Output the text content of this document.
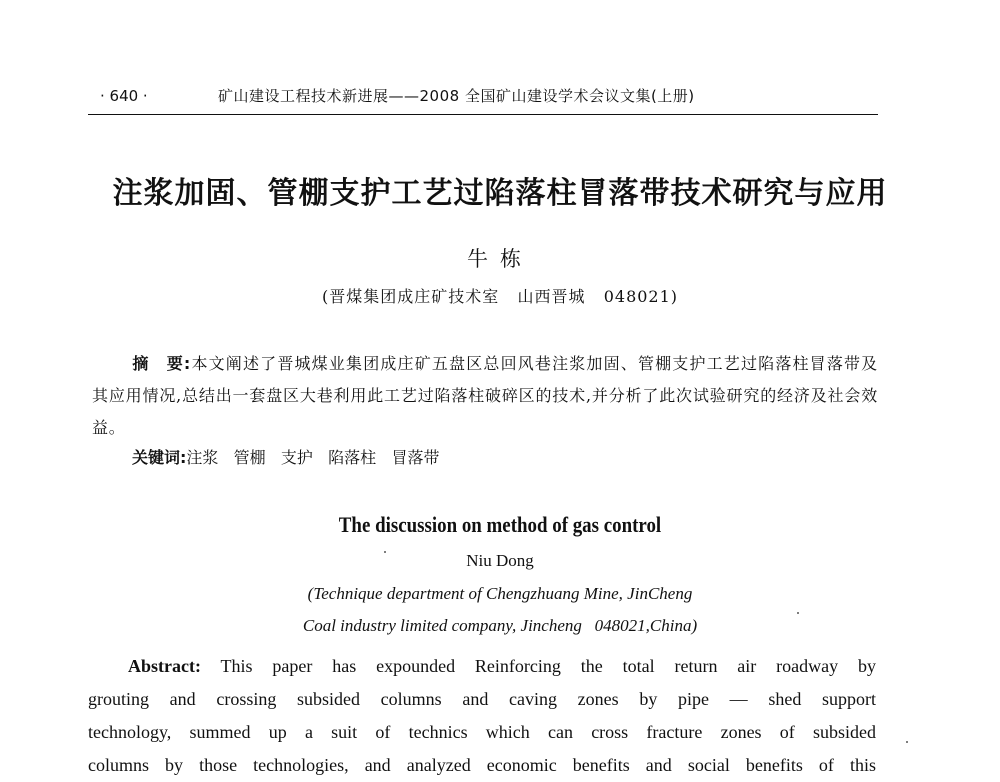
· 640 ·	矿山建设工程技术新进展——2008 全国矿山建设学术会议文集(上册)
注浆加固、管棚支护工艺过陷落柱冒落带技术研究与应用
牛栋
(晋煤集团成庄矿技术室   山西晋城   048021)
摘　要:本文阐述了晋城煤业集团成庄矿五盘区总回风巷注浆加固、管棚支护工艺过陷落柱冒落带及其应用情况,总结出一套盘区大巷利用此工艺过陷落柱破碎区的技术,并分析了此次试验研究的经济及社会效益。
关键词:注浆   管棚   支护   陷落柱   冒落带
The discussion on method of gas control
Niu Dong
(Technique department of Chengzhuang Mine, JinCheng
Coal industry limited company, Jincheng   048021,China)
Abstract: This paper has expounded Reinforcing the total return air roadway by
grouting and crossing subsided columns and caving zones by pipe — shed support
technology, summed up a suit of technics which can cross fracture zones of subsided
columns by those technologies, and analyzed economic benefits and social benefits of this
